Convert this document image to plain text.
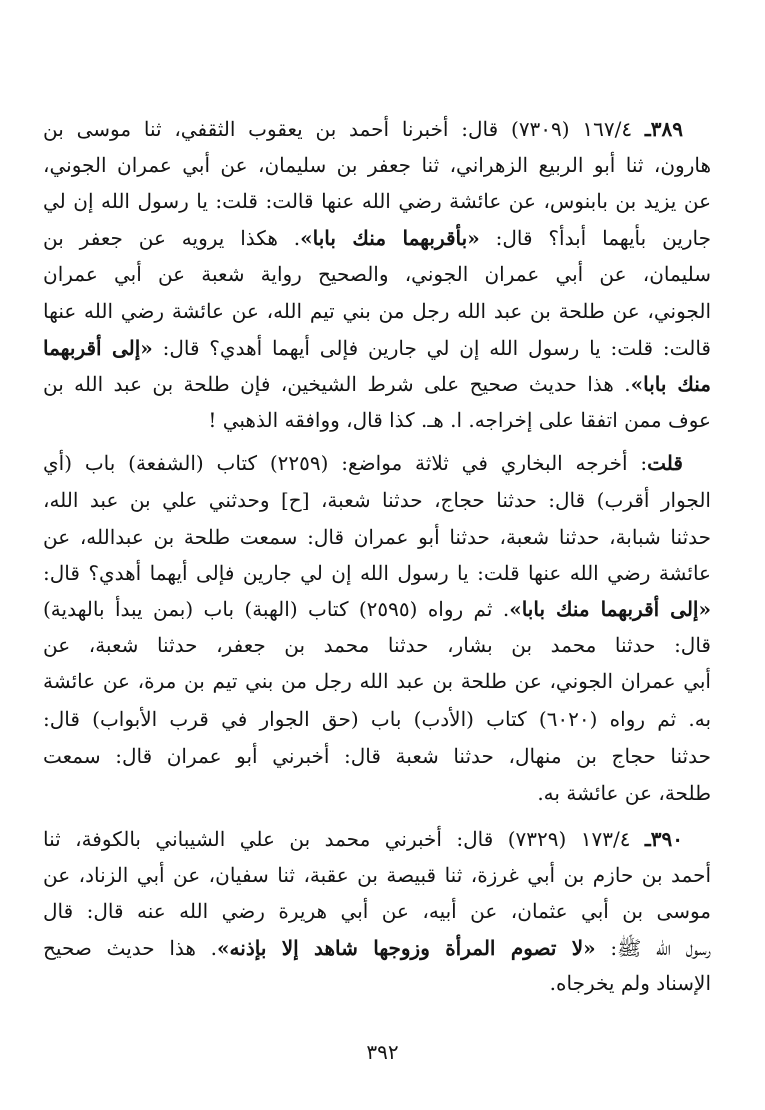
٣٨٩ـ ١٦٧/٤ (٧٣٠٩) قال: أخبرنا أحمد بن يعقوب الثقفي، ثنا موسى بن
هارون، ثنا أبو الربيع الزهراني، ثنا جعفر بن سليمان، عن أبي عمران الجوني،
عن يزيد بن بابنوس، عن عائشة رضي الله عنها قالت: قلت: يا رسول الله إن لي
جارين بأيهما أبدأ؟ قال: «بأقربهما منك بابا». هكذا يرويه عن جعفر بن
سليمان، عن أبي عمران الجوني، والصحيح رواية شعبة عن أبي عمران
الجوني، عن طلحة بن عبد الله رجل من بني تيم الله، عن عائشة رضي الله عنها
قالت: قلت: يا رسول الله إن لي جارين فإلى أيهما أهدي؟ قال: «إلى أقربهما
منك بابا». هذا حديث صحيح على شرط الشيخين، فإن طلحة بن عبد الله بن
عوف ممن اتفقا على إخراجه. ا. هـ. كذا قال، ووافقه الذهبي !
قلت: أخرجه البخاري في ثلاثة مواضع: (٢٢٥٩) كتاب (الشفعة) باب (أي
الجوار أقرب) قال: حدثنا حجاج، حدثنا شعبة، [ح] وحدثني علي بن عبد الله،
حدثنا شبابة، حدثنا شعبة، حدثنا أبو عمران قال: سمعت طلحة بن عبدالله، عن
عائشة رضي الله عنها قلت: يا رسول الله إن لي جارين فإلى أيهما أهدي؟ قال:
«إلى أقربهما منك بابا». ثم رواه (٢٥٩٥) كتاب (الهبة) باب (بمن يبدأ بالهدية)
قال: حدثنا محمد بن بشار، حدثنا محمد بن جعفر، حدثنا شعبة، عن
أبي عمران الجوني، عن طلحة بن عبد الله رجل من بني تيم بن مرة، عن عائشة
به. ثم رواه (٦٠٢٠) كتاب (الأدب) باب (حق الجوار في قرب الأبواب) قال:
حدثنا حجاج بن منهال، حدثنا شعبة قال: أخبرني أبو عمران قال: سمعت
طلحة، عن عائشة به.
٣٩٠ـ ١٧٣/٤ (٧٣٢٩) قال: أخبرني محمد بن علي الشيباني بالكوفة، ثنا
أحمد بن حازم بن أبي غرزة، ثنا قبيصة بن عقبة، ثنا سفيان، عن أبي الزناد، عن
موسى بن أبي عثمان، عن أبيه، عن أبي هريرة رضي الله عنه قال: قال
رسول الله ﷺ: «لا تصوم المرأة وزوجها شاهد إلا بإذنه». هذا حديث صحيح
الإسناد ولم يخرجاه.
٣٩٢
